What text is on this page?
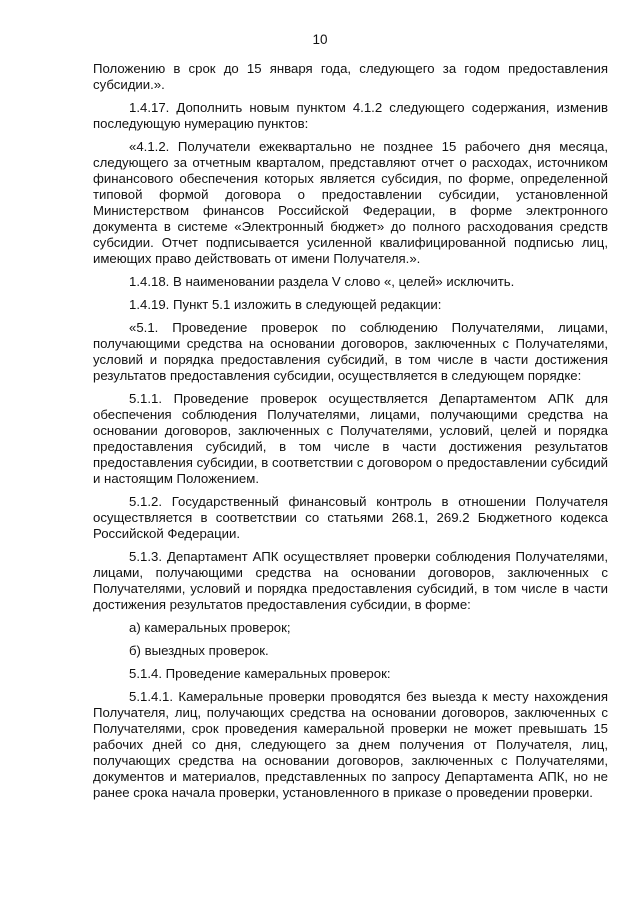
10

Положению в срок до 15 января года, следующего за годом предоставления субсидии.».

1.4.17. Дополнить новым пунктом 4.1.2 следующего содержания, изменив последующую нумерацию пунктов:

«4.1.2. Получатели ежеквартально не позднее 15 рабочего дня месяца, следующего за отчетным кварталом, представляют отчет о расходах, источником финансового обеспечения которых является субсидия, по форме, определенной типовой формой договора о предоставлении субсидии, установленной Министерством финансов Российской Федерации, в форме электронного документа в системе «Электронный бюджет» до полного расходования средств субсидии. Отчет подписывается усиленной квалифицированной подписью лиц, имеющих право действовать от имени Получателя.».

1.4.18. В наименовании раздела V слово «, целей» исключить.

1.4.19. Пункт 5.1 изложить в следующей редакции:

«5.1. Проведение проверок по соблюдению Получателями, лицами, получающими средства на основании договоров, заключенных с Получателями, условий и порядка предоставления субсидий, в том числе в части достижения результатов предоставления субсидии, осуществляется в следующем порядке:

5.1.1. Проведение проверок осуществляется Департаментом АПК для обеспечения соблюдения Получателями, лицами, получающими средства на основании договоров, заключенных с Получателями, условий, целей и порядка предоставления субсидий, в том числе в части достижения результатов предоставления субсидии, в соответствии с договором о предоставлении субсидий и настоящим Положением.

5.1.2. Государственный финансовый контроль в отношении Получателя осуществляется в соответствии со статьями 268.1, 269.2 Бюджетного кодекса Российской Федерации.

5.1.3. Департамент АПК осуществляет проверки соблюдения Получателями, лицами, получающими средства на основании договоров, заключенных с Получателями, условий и порядка предоставления субсидий, в том числе в части достижения результатов предоставления субсидии, в форме:

а) камеральных проверок;

б) выездных проверок.

5.1.4. Проведение камеральных проверок:

5.1.4.1. Камеральные проверки проводятся без выезда к месту нахождения Получателя, лиц, получающих средства на основании договоров, заключенных с Получателями, срок проведения камеральной проверки не может превышать 15 рабочих дней со дня, следующего за днем получения от Получателя, лиц, получающих средства на основании договоров, заключенных с Получателями, документов и материалов, представленных по запросу Департамента АПК, но не ранее срока начала проверки, установленного в приказе о проведении проверки.
